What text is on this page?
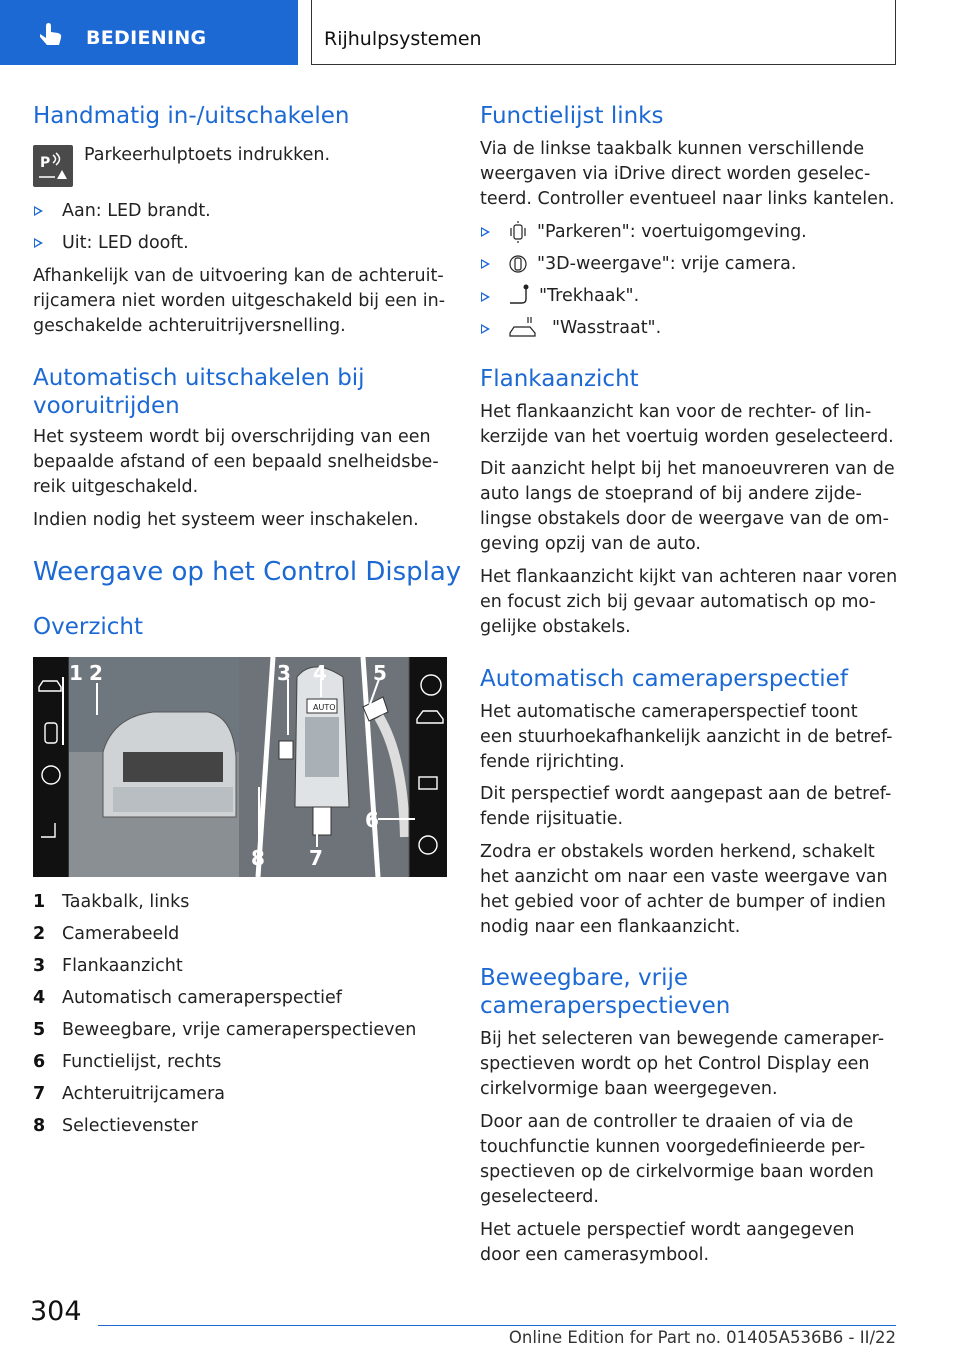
BEDIENING	Rijhulpsystemen
Handmatig in-/uitschakelen
P Parkeerhulptoets indrukken.
Aan: LED brandt.
Uit: LED dooft.
Afhankelijk van de uitvoering kan de achteruit-
rijcamera niet worden uitgeschakeld bij een in-
geschakelde achteruitrijversnelling.
Automatisch uitschakelen bij
vooruitrijden
Het systeem wordt bij overschrijding van een
bepaalde afstand of een bepaald snelheidsbe-
reik uitgeschakeld.
Indien nodig het systeem weer inschakelen.
Weergave op het Control Display
Overzicht
1 2	3 4 5
6
7
8
AUTO
1 Taakbalk, links
2 Camerabeeld
3 Flankaanzicht
4 Automatisch cameraperspectief
5 Beweegbare, vrije cameraperspectieven
6 Functielijst, rechts
7 Achteruitrijcamera
8 Selectievenster
Functielijst links
Via de linkse taakbalk kunnen verschillende
weergaven via iDrive direct worden geselec-
teerd. Controller eventueel naar links kantelen.
"Parkeren": voertuigomgeving.
"3D-weergave": vrije camera.
"Trekhaak".
"Wasstraat".
Flankaanzicht
Het flankaanzicht kan voor de rechter- of lin-
kerzijde van het voertuig worden geselecteerd.
Dit aanzicht helpt bij het manoeuvreren van de
auto langs de stoeprand of bij andere zijde-
lingse obstakels door de weergave van de om-
geving opzij van de auto.
Het flankaanzicht kijkt van achteren naar voren
en focust zich bij gevaar automatisch op mo-
gelijke obstakels.
Automatisch cameraperspectief
Het automatische cameraperspectief toont
een stuurhoekafhankelijk aanzicht in de betref-
fende rijrichting.
Dit perspectief wordt aangepast aan de betref-
fende rijsituatie.
Zodra er obstakels worden herkend, schakelt
het aanzicht om naar een vaste weergave van
het gebied voor of achter de bumper of indien
nodig naar een flankaanzicht.
Beweegbare, vrije
cameraperspectieven
Bij het selecteren van bewegende cameraper-
spectieven wordt op het Control Display een
cirkelvormige baan weergegeven.
Door aan de controller te draaien of via de
touchfunctie kunnen voorgedefinieerde per-
spectieven op de cirkelvormige baan worden
geselecteerd.
Het actuele perspectief wordt aangegeven
door een camerasymbool.
304
Online Edition for Part no. 01405A536B6 - II/22
